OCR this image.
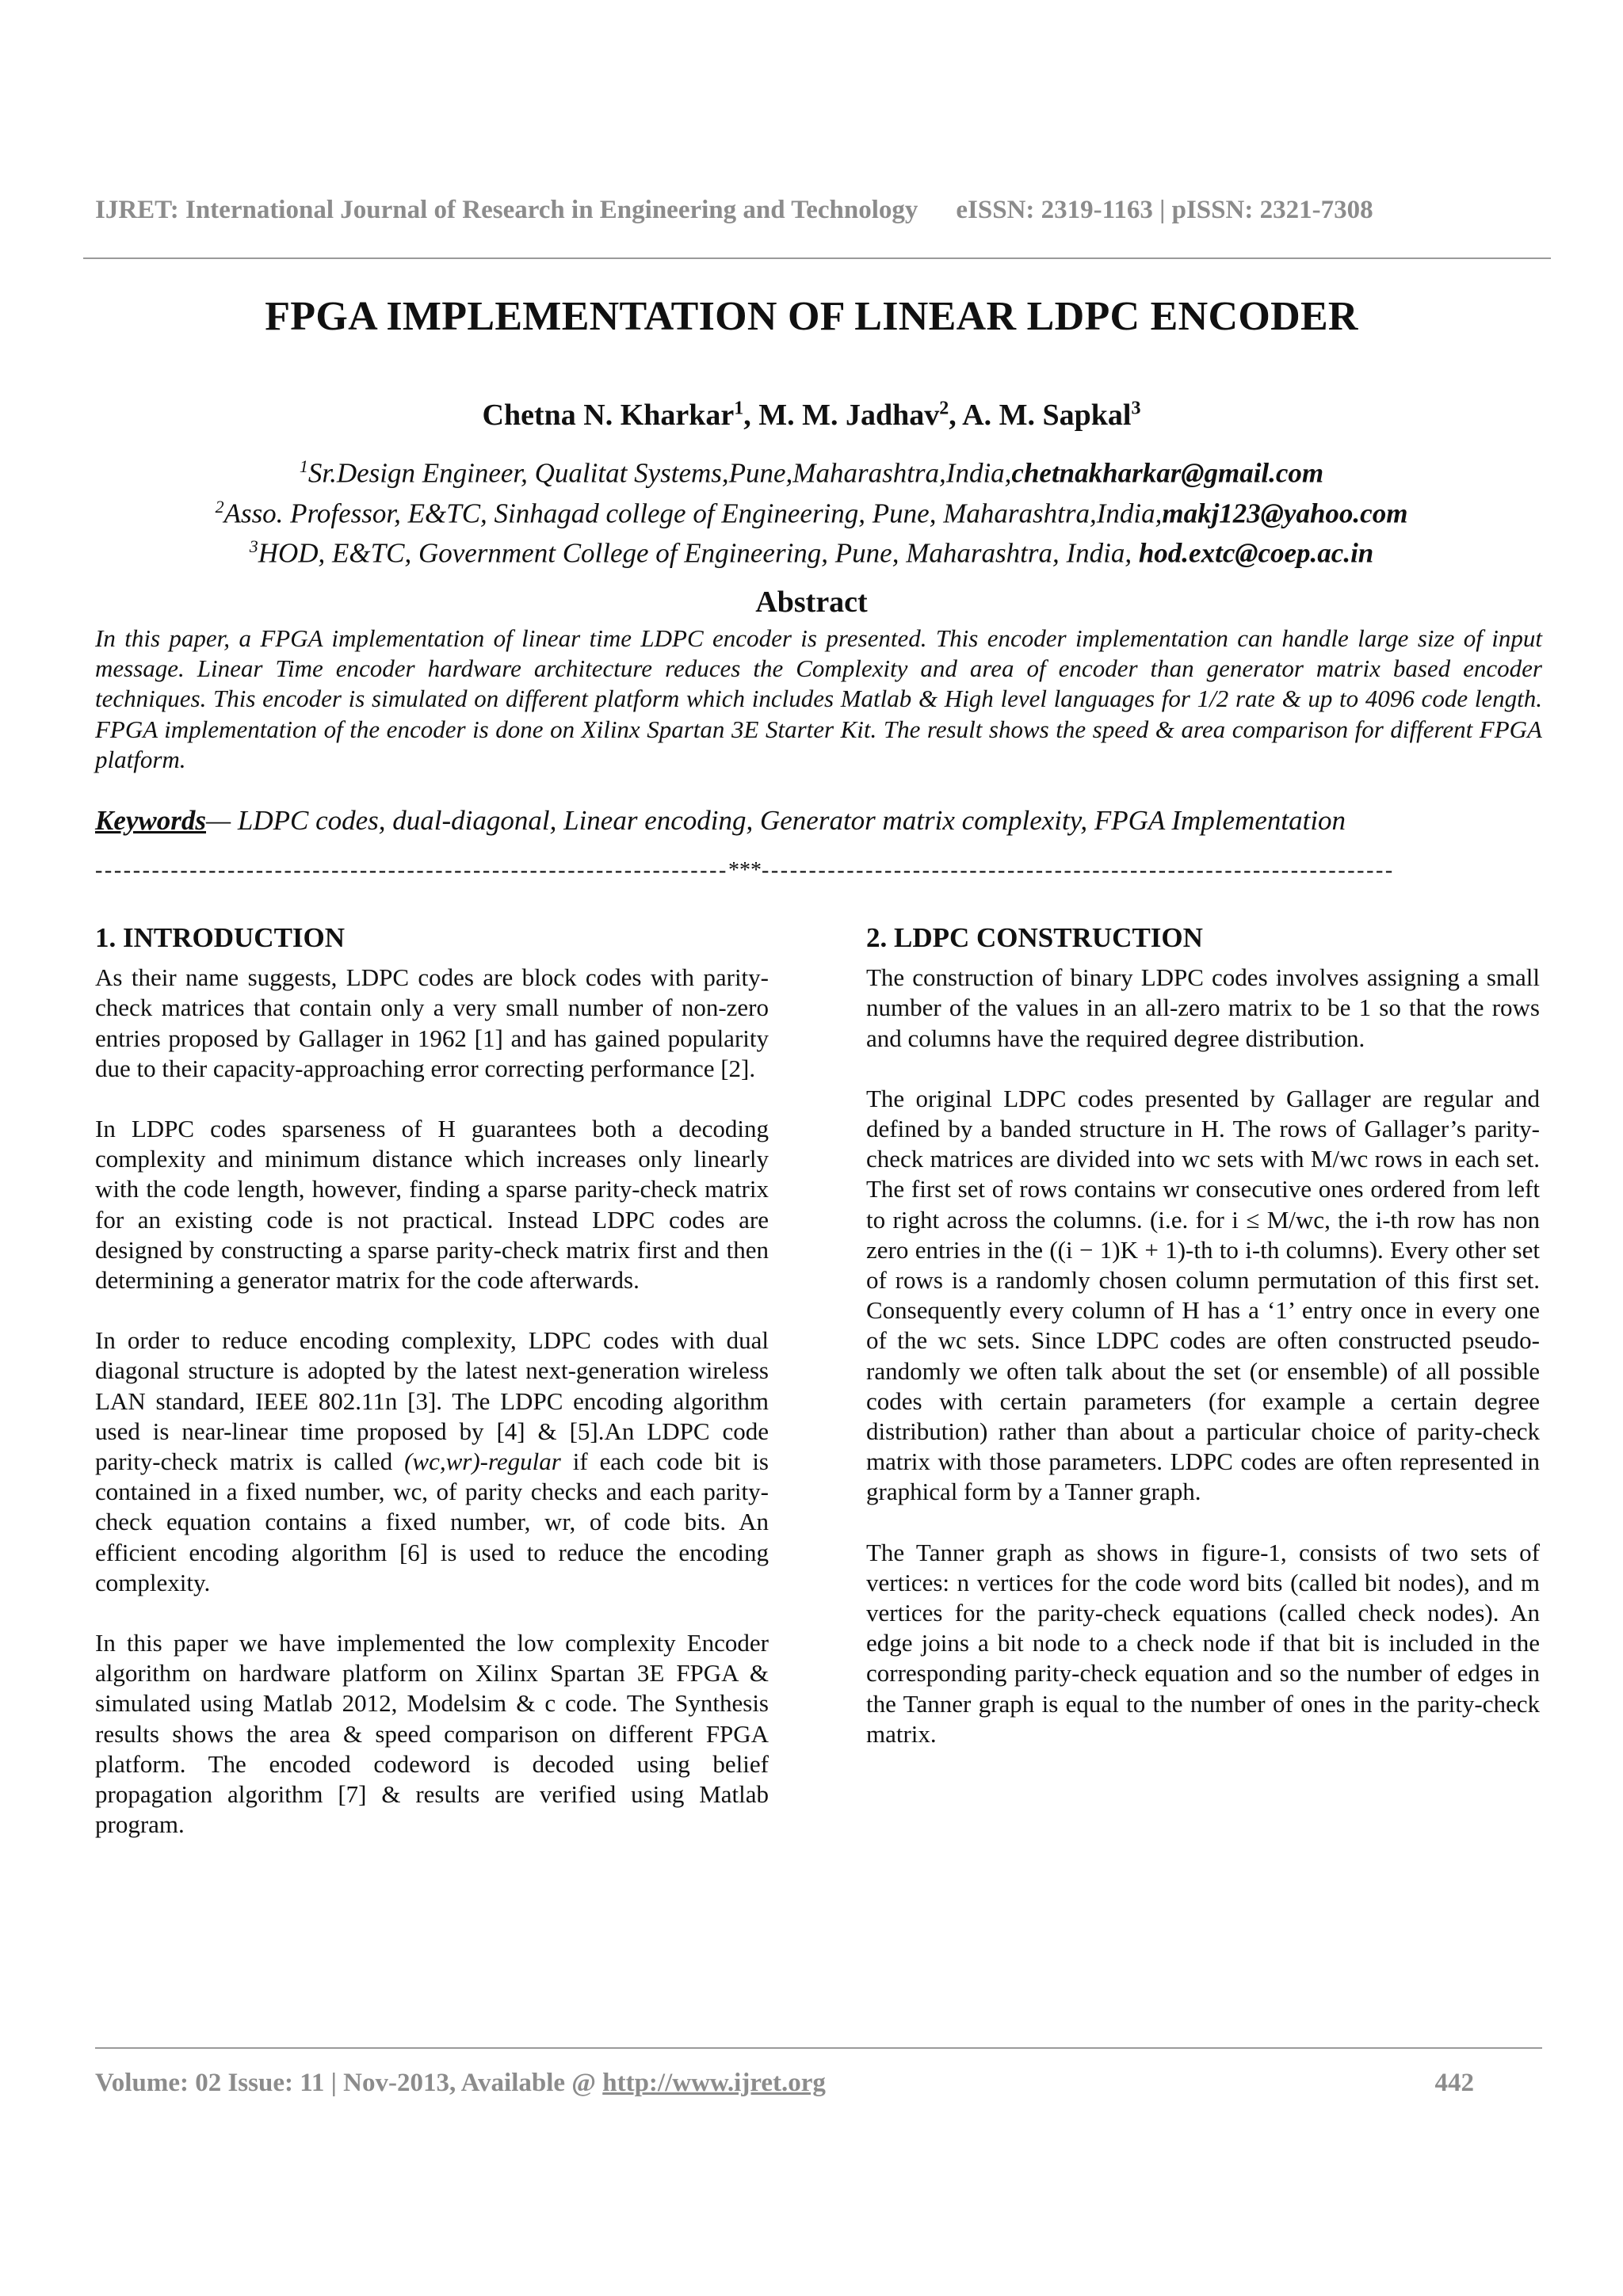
IJRET: International Journal of Research in Engineering and Technology eISSN: 2319-1163 | pISSN: 2321-7308
FPGA IMPLEMENTATION OF LINEAR LDPC ENCODER
Chetna N. Kharkar$^1$, M. M. Jadhav$^2$, A. M. Sapkal$^3$
$^1$Sr.Design Engineer, Qualitat Systems,Pune,Maharashtra,India,chetnakharkar@gmail.com
$^2$Asso. Professor, E&TC, Sinhagad college of Engineering, Pune, Maharashtra,India,makj123@yahoo.com
$^3$HOD, E&TC, Government College of Engineering, Pune, Maharashtra, India, hod.extc@coep.ac.in
Abstract
In this paper, a FPGA implementation of linear time LDPC encoder is presented. This encoder implementation can handle large size of input message. Linear Time encoder hardware architecture reduces the Complexity and area of encoder than generator matrix based encoder techniques. This encoder is simulated on different platform which includes Matlab & High level languages for 1/2 rate & up to 4096 code length. FPGA implementation of the encoder is done on Xilinx Spartan 3E Starter Kit. The result shows the speed & area comparison for different FPGA platform.
Keywords— LDPC codes, dual-diagonal, Linear encoding, Generator matrix complexity, FPGA Implementation
-------------------------------------------------------------------***-------------------------------------------------------------------
1. INTRODUCTION

As their name suggests, LDPC codes are block codes with parity-check matrices that contain only a very small number of non-zero entries proposed by Gallager in 1962 [1] and has gained popularity due to their capacity-approaching error correcting performance [2].

In LDPC codes sparseness of H guarantees both a decoding complexity and minimum distance which increases only linearly with the code length, however, finding a sparse parity-check matrix for an existing code is not practical. Instead LDPC codes are designed by constructing a sparse parity-check matrix first and then determining a generator matrix for the code afterwards.

In order to reduce encoding complexity, LDPC codes with dual diagonal structure is adopted by the latest next-generation wireless LAN standard, IEEE 802.11n [3]. The LDPC encoding algorithm used is near-linear time proposed by [4] & [5].An LDPC code parity-check matrix is called (wc,wr)-regular if each code bit is contained in a fixed number, wc, of parity checks and each parity-check equation contains a fixed number, wr, of code bits. An efficient encoding algorithm [6] is used to reduce the encoding complexity.

In this paper we have implemented the low complexity Encoder algorithm on hardware platform on Xilinx Spartan 3E FPGA & simulated using Matlab 2012, Modelsim & c code. The Synthesis results shows the area & speed comparison on different FPGA platform. The encoded codeword is decoded using belief propagation algorithm [7] & results are verified using Matlab program.

2. LDPC CONSTRUCTION

The construction of binary LDPC codes involves assigning a small number of the values in an all-zero matrix to be 1 so that the rows and columns have the required degree distribution.

The original LDPC codes presented by Gallager are regular and defined by a banded structure in H. The rows of Gallager’s parity-check matrices are divided into wc sets with M/wc rows in each set. The first set of rows contains wr consecutive ones ordered from left to right across the columns. (i.e. for i ≤ M/wc, the i-th row has non zero entries in the ((i − 1)K + 1)-th to i-th columns). Every other set of rows is a randomly chosen column permutation of this first set. Consequently every column of H has a ‘1’ entry once in every one of the wc sets. Since LDPC codes are often constructed pseudo-randomly we often talk about the set (or ensemble) of all possible codes with certain parameters (for example a certain degree distribution) rather than about a particular choice of parity-check matrix with those parameters. LDPC codes are often represented in graphical form by a Tanner graph.

The Tanner graph as shows in figure-1, consists of two sets of vertices: n vertices for the code word bits (called bit nodes), and m vertices for the parity-check equations (called check nodes). An edge joins a bit node to a check node if that bit is included in the corresponding parity-check equation and so the number of edges in the Tanner graph is equal to the number of ones in the parity-check matrix.

Volume: 02 Issue: 11 | Nov-2013, Available @ http://www.ijret.org	442
